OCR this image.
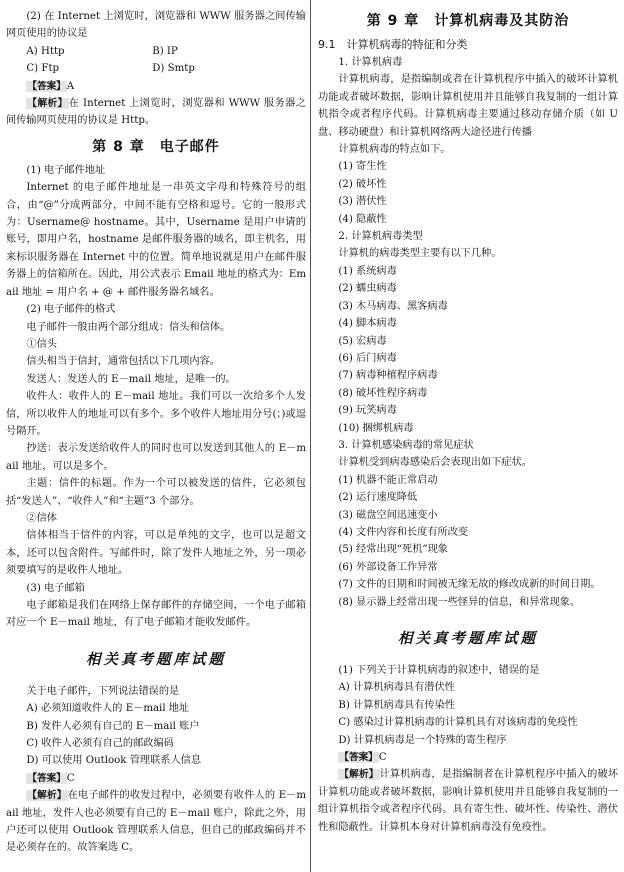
(2) 在 Internet 上浏览时，浏览器和 WWW 服务器之间传输网页使用的协议是

A) Http	B) IP
C) Ftp	D) Smtp

【答案】A

【解析】在 Internet 上浏览时，浏览器和 WWW 服务器之间传输网页使用的协议是 Http。

第 8 章　电子邮件

(1) 电子邮件地址

Internet 的电子邮件地址是一串英文字母和特殊符号的组合，由“@”分成两部分，中间不能有空格和逗号。它的一般形式为：Username@ hostname。其中，Username 是用户申请的账号，即用户名，hostname 是邮件服务器的域名，即主机名，用来标识服务器在 Internet 中的位置。简单地说就是用户在邮件服务器上的信箱所在。因此，用公式表示 Email 地址的格式为：Email 地址 = 用户名 + @ + 邮件服务器名域名。

(2) 电子邮件的格式

电子邮件一般由两个部分组成：信头和信体。

①信头

信头相当于信封，通常包括以下几项内容。

发送人：发送人的 E－mail 地址，是唯一的。

收件人：收件人的 E－mail 地址。我们可以一次给多个人发信，所以收件人的地址可以有多个。多个收件人地址用分号(；)或逗号隔开。

抄送：表示发送给收件人的同时也可以发送到其他人的 E－mail 地址，可以是多个。

主题：信件的标题。作为一个可以被发送的信件，它必须包括“发送人”、“收件人”和“主题”3 个部分。

②信体

信体相当于信件的内容，可以是单纯的文字，也可以是超文本，还可以包含附件。写邮件时，除了发件人地址之外，另一项必须要填写的是收件人地址。

(3) 电子邮箱

电子邮箱是我们在网络上保存邮件的存储空间，一个电子邮箱对应一个 E－mail 地址，有了电子邮箱才能收发邮件。

相关真考题库试题

关于电子邮件，下列说法错误的是

A) 必须知道收件人的 E－mail 地址

B) 发件人必须有自己的 E－mail 账户

C) 收件人必须有自己的邮政编码

D) 可以使用 Outlook 管理联系人信息

【答案】C

【解析】在电子邮件的收发过程中，必须要有收件人的 E－mail 地址，发件人也必须要有自己的 E－mail 账户，除此之外，用户还可以使用 Outlook 管理联系人信息，但自己的邮政编码并不是必须存在的。故答案选 C。

第 9 章　计算机病毒及其防治
9.1　计算机病毒的特征和分类

1. 计算机病毒

计算机病毒，是指编制或者在计算机程序中插入的破坏计算机功能或者破坏数据，影响计算机使用并且能够自我复制的一组计算机指令或者程序代码。计算机病毒主要通过移动存储介质（如 U 盘、移动硬盘）和计算机网络两大途径进行传播

计算机病毒的特点如下。

(1) 寄生性

(2) 破坏性

(3) 潜伏性

(4) 隐蔽性

2. 计算机病毒类型

计算机的病毒类型主要有以下几种。

(1) 系统病毒

(2) 蠕虫病毒

(3) 木马病毒、黑客病毒

(4) 脚本病毒

(5) 宏病毒

(6) 后门病毒

(7) 病毒种植程序病毒

(8) 破坏性程序病毒

(9) 玩笑病毒

(10) 捆绑机病毒

3. 计算机感染病毒的常见症状

计算机受到病毒感染后会表现出如下症状。

(1) 机器不能正常启动

(2) 运行速度降低

(3) 磁盘空间迅速变小

(4) 文件内容和长度有所改变

(5) 经常出现“死机”现象

(6) 外部设备工作异常

(7) 文件的日期和时间被无缘无故的修改成新的时间日期。

(8) 显示器上经常出现一些怪异的信息，和异常现象。

相关真考题库试题

(1) 下列关于计算机病毒的叙述中，错误的是

A) 计算机病毒具有潜伏性

B) 计算机病毒具有传染性

C) 感染过计算机病毒的计算机具有对该病毒的免疫性

D) 计算机病毒是一个特殊的寄生程序

【答案】C

【解析】计算机病毒，是指编制者在计算机程序中插入的破坏计算机功能或者破坏数据，影响计算机使用并且能够自我复制的一组计算机指令或者程序代码。具有寄生性、破坏性、传染性、潜伏性和隐蔽性。计算机本身对计算机病毒没有免疫性。
